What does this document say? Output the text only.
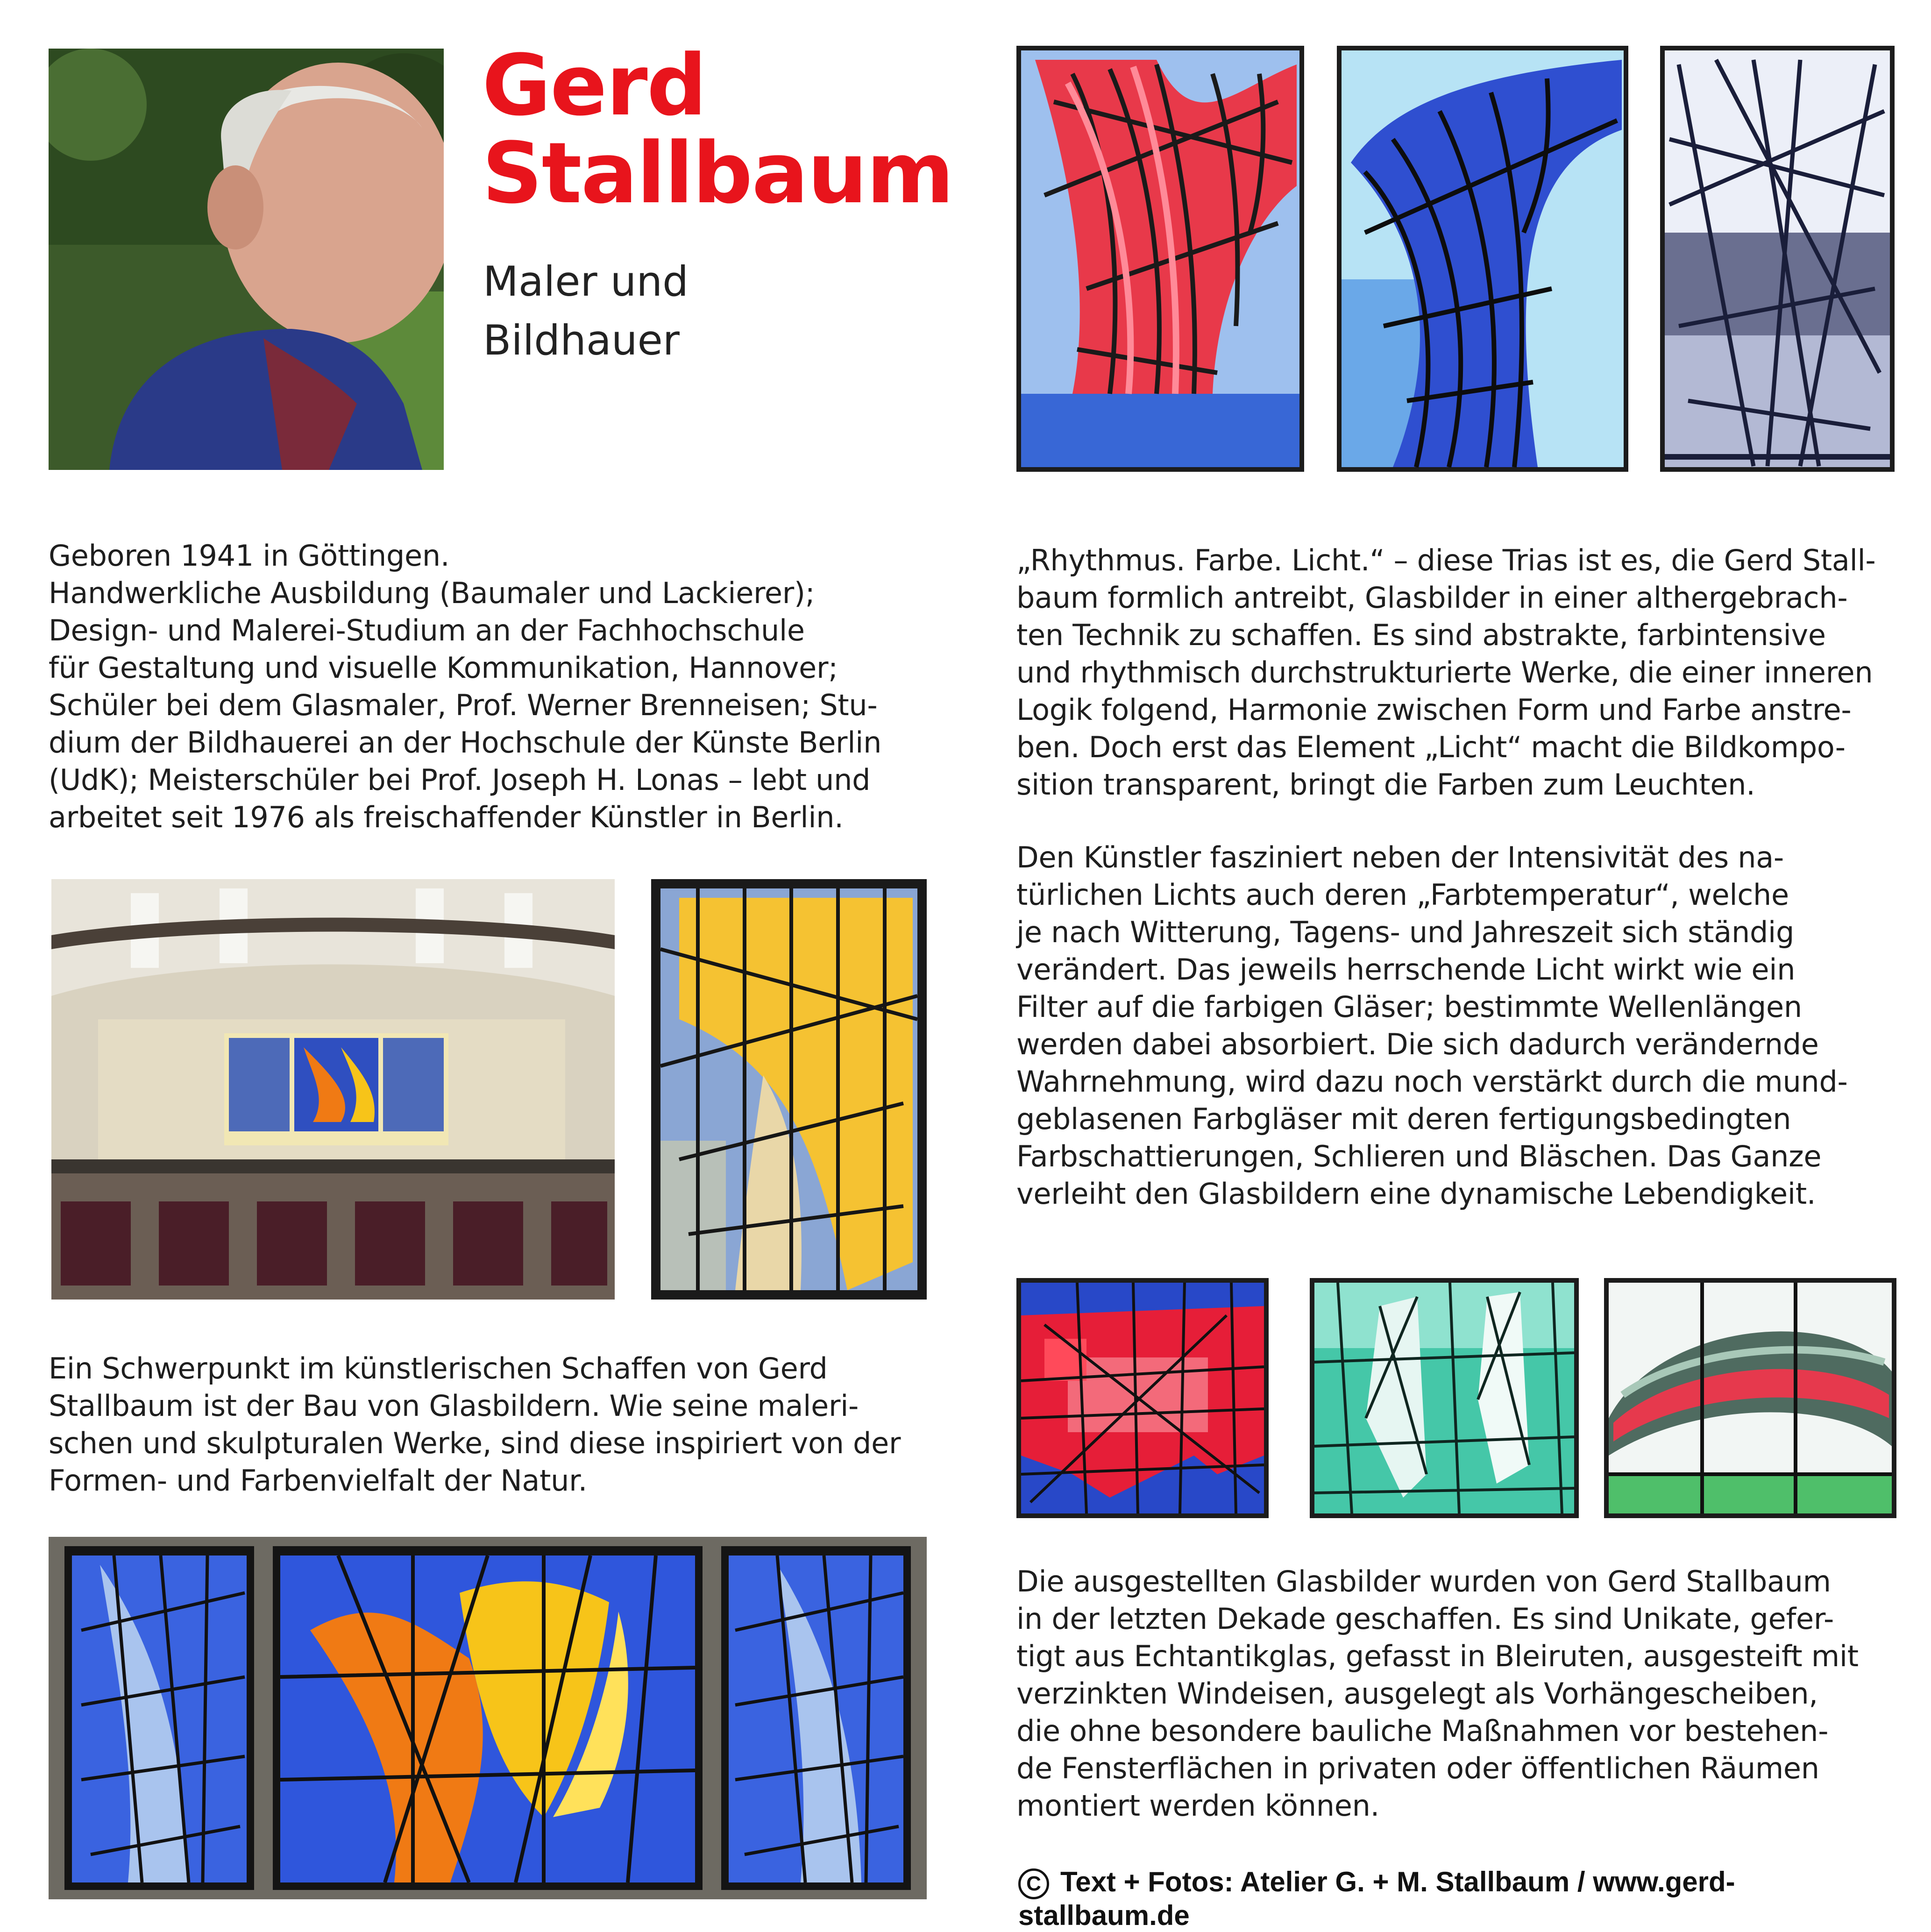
Gerd
Stallbaum
Maler und
Bildhauer

Geboren 1941 in Göttingen.

Handwerkliche Ausbildung (Baumaler und Lackierer);

Design- und Malerei-Studium an der Fachhochschule

für Gestaltung und visuelle Kommunikation, Hannover;

Schüler bei dem Glasmaler, Prof. Werner Brenneisen; Stu-

dium der Bildhauerei an der Hochschule der Künste Berlin

(UdK); Meisterschüler bei Prof. Joseph H. Lonas – lebt und

arbeitet seit 1976 als freischaffender Künstler in Berlin.

Ein Schwerpunkt im künstlerischen Schaffen von Gerd

Stallbaum ist der Bau von Glasbildern. Wie seine maleri-

schen und skulpturalen Werke, sind diese inspiriert von der

Formen- und Farbenvielfalt der Natur.

„Rhythmus. Farbe. Licht.“ – diese Trias ist es, die Gerd Stall-

baum formlich antreibt, Glasbilder in einer althergebrach-

ten Technik zu schaffen. Es sind abstrakte, farbintensive

und rhythmisch durchstrukturierte Werke, die einer inneren

Logik folgend, Harmonie zwischen Form und Farbe anstre-

ben. Doch erst das Element „Licht“ macht die Bildkompo-

sition transparent, bringt die Farben zum Leuchten.

Den Künstler fasziniert neben der Intensivität des na-

türlichen Lichts auch deren „Farbtemperatur“, welche

je nach Witterung, Tagens- und Jahreszeit sich ständig

verändert. Das jeweils herrschende Licht wirkt wie ein

Filter auf die farbigen Gläser; bestimmte Wellenlängen

werden dabei absorbiert. Die sich dadurch verändernde

Wahrnehmung, wird dazu noch verstärkt durch die mund-

geblasenen Farbgläser mit deren fertigungsbedingten

Farbschattierungen, Schlieren und Bläschen. Das Ganze

verleiht den Glasbildern eine dynamische Lebendigkeit.

Die ausgestellten Glasbilder wurden von Gerd Stallbaum

in der letzten Dekade geschaffen. Es sind Unikate, gefer-

tigt aus Echtantikglas, gefasst in Bleiruten, ausgesteift mit

verzinkten Windeisen, ausgelegt als Vorhängescheiben,

die ohne besondere bauliche Maßnahmen vor bestehen-

de Fensterflächen in privaten oder öffentlichen Räumen

montiert werden können.

C Text + Fotos: Atelier G. + M. Stallbaum / www.gerd-stallbaum.de
